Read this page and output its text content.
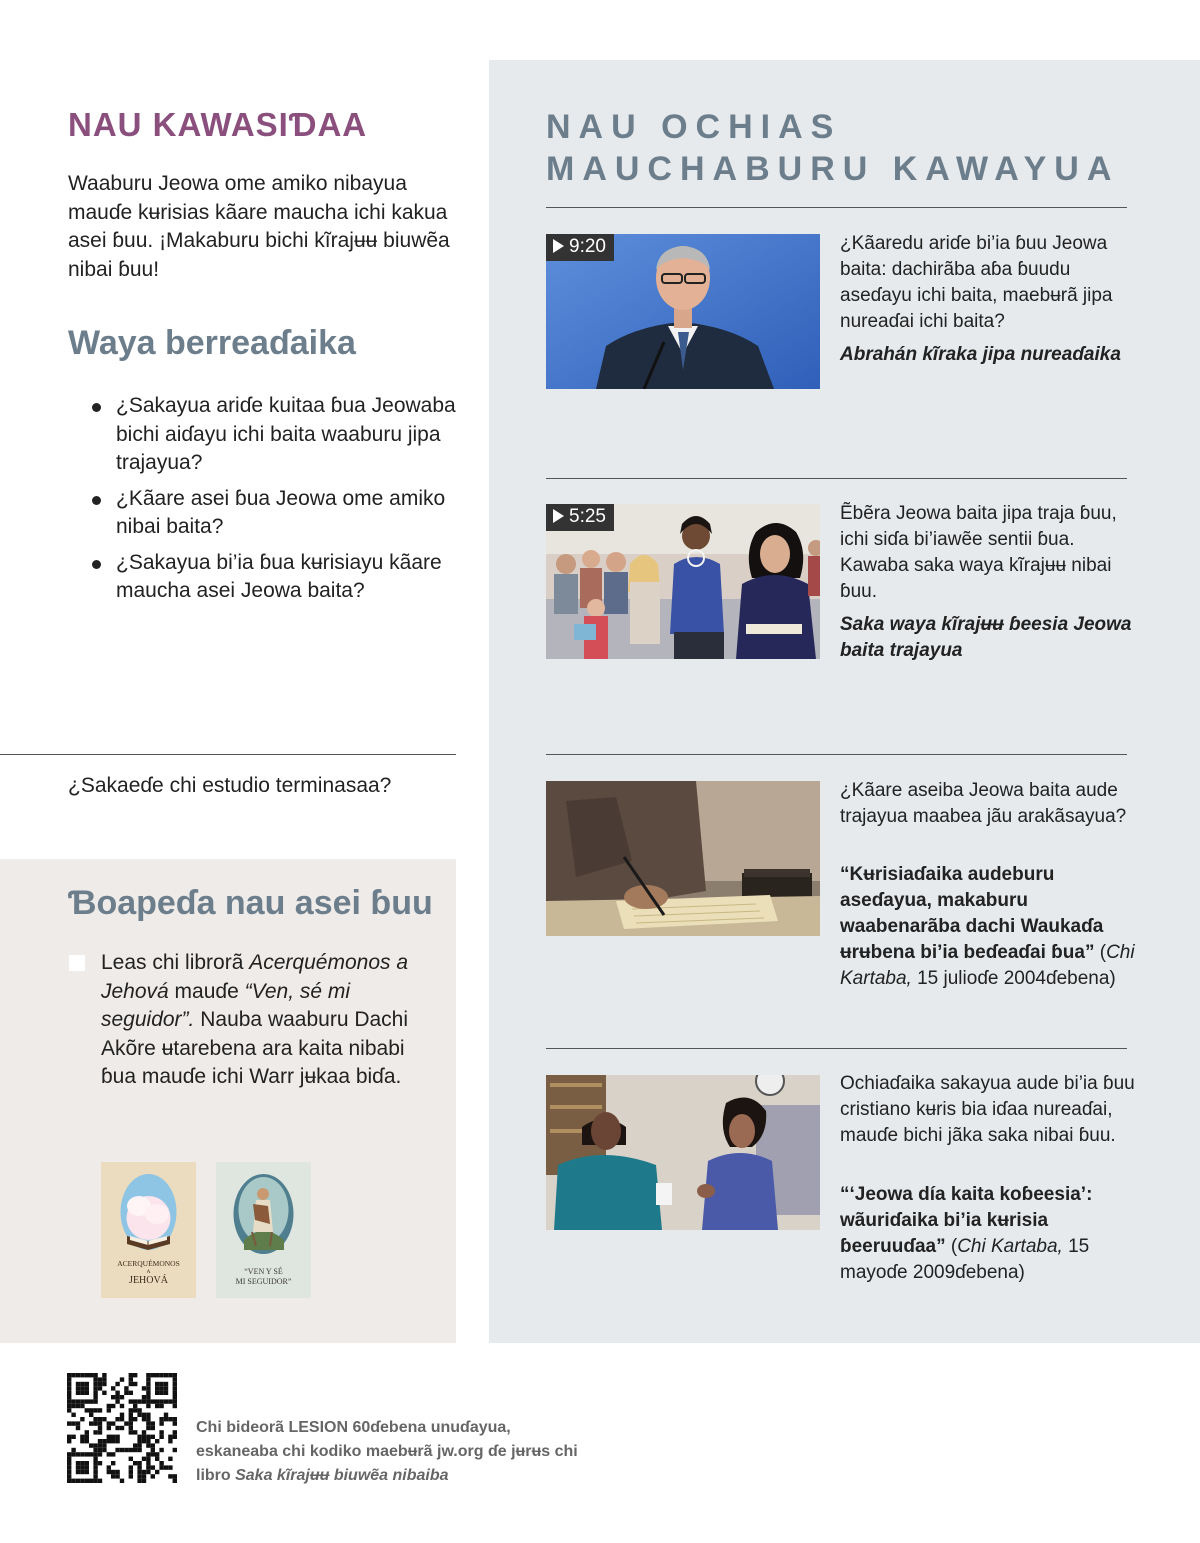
NAU KAWASIƊAA

Waaburu Jeowa ome amiko nibayua mauɗe kʉrisias kãare maucha ichi kakua asei ɓuu. ¡Makaburu bichi kĩrajʉʉ biuwẽa nibai ɓuu!

Waya berreaɗaika
¿Sakayua ariɗe kuitaa ɓua Jeowaba bichi aiɗayu ichi baita waaburu jipa trajayua?
¿Kãare asei ɓua Jeowa ome amiko nibai baita?
¿Sakayua bi’ia ɓua kʉrisiayu kãare maucha asei Jeowa baita?

¿Sakaeɗe chi estudio terminasaa?

Ɓoapeɗa nau asei ɓuu

Leas chi librorã Acerquémonos a Jehová mauɗe “Ven, sé mi seguidor”. Nauba waaburu Dachi Akõre ʉtarebena ara kaita nibabi ɓua mauɗe ichi Warr jʉkaa biɗa.

ACERQUÉMONOS
A
JEHOVÁ
“VEN Y SÉ
MI SEGUIDOR”
NAU OCHIAS
MAUCHABURU KAWAYUA
9:20	¿Kãaredu ariɗe bi’ia ɓuu Jeowa baita: dachirãba aɓa ɓuudu aseɗayu ichi baita, maebʉrã jipa nureaɗai ichi baita?

Abrahán kĩraka jipa nureaɗaika

5:25	Ẽbẽra Jeowa baita jipa traja ɓuu, ichi siɗa bi’iawẽe sentii ɓua. Kawaba saka waya kĩrajʉʉ nibai ɓuu.

Saka waya kĩrajʉʉ ɓeesia Jeowa baita trajayua

¿Kãare aseiba Jeowa baita aude trajayua maabea jãu arakãsayua?

“Kʉrisiaɗaika audeburu aseɗayua, makaburu waabenarãba dachi Waukaɗa ʉrʉbena bi’ia beɗeaɗai ɓua” (Chi Kartaba, 15 julioɗe 2004ɗebena)

Ochiaɗaika sakayua aude bi’ia ɓuu cristiano kʉris bia iɗaa nureaɗai, mauɗe bichi jãka saka nibai ɓuu.

“‘Jeowa día kaita koɓeesia’: wãuriɗaika bi’ia kʉrisia ɓeeruuɗaa” (Chi Kartaba, 15 mayoɗe 2009ɗebena)

Chi bideorã LESION 60ɗebena unuɗayua, eskaneaba chi kodiko maebʉrã jw.org ɗe jʉrʉs chi libro Saka kĩrajʉʉ biuwẽa nibaiba
